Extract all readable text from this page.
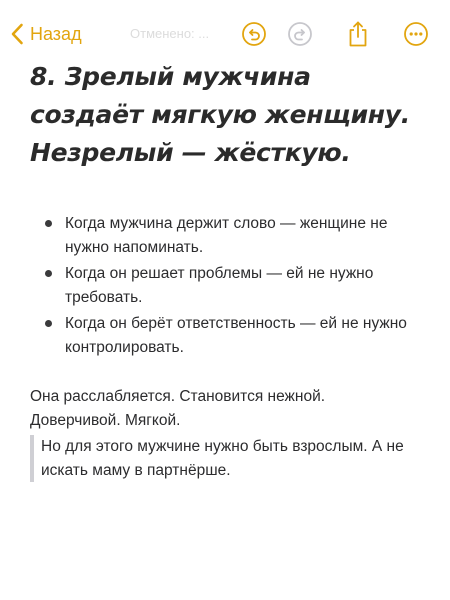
Назад	Отменено: ...
8. Зрелый мужчина создаёт мягкую женщину. Незрелый — жёсткую.
Когда мужчина держит слово — женщине не нужно напоминать.
Когда он решает проблемы — ей не нужно требовать.
Когда он берёт ответственность — ей не нужно контролировать.

Она расслабляется. Становится нежной. Доверчивой. Мягкой.

Но для этого мужчине нужно быть взрослым. А не искать маму в партнёрше.
